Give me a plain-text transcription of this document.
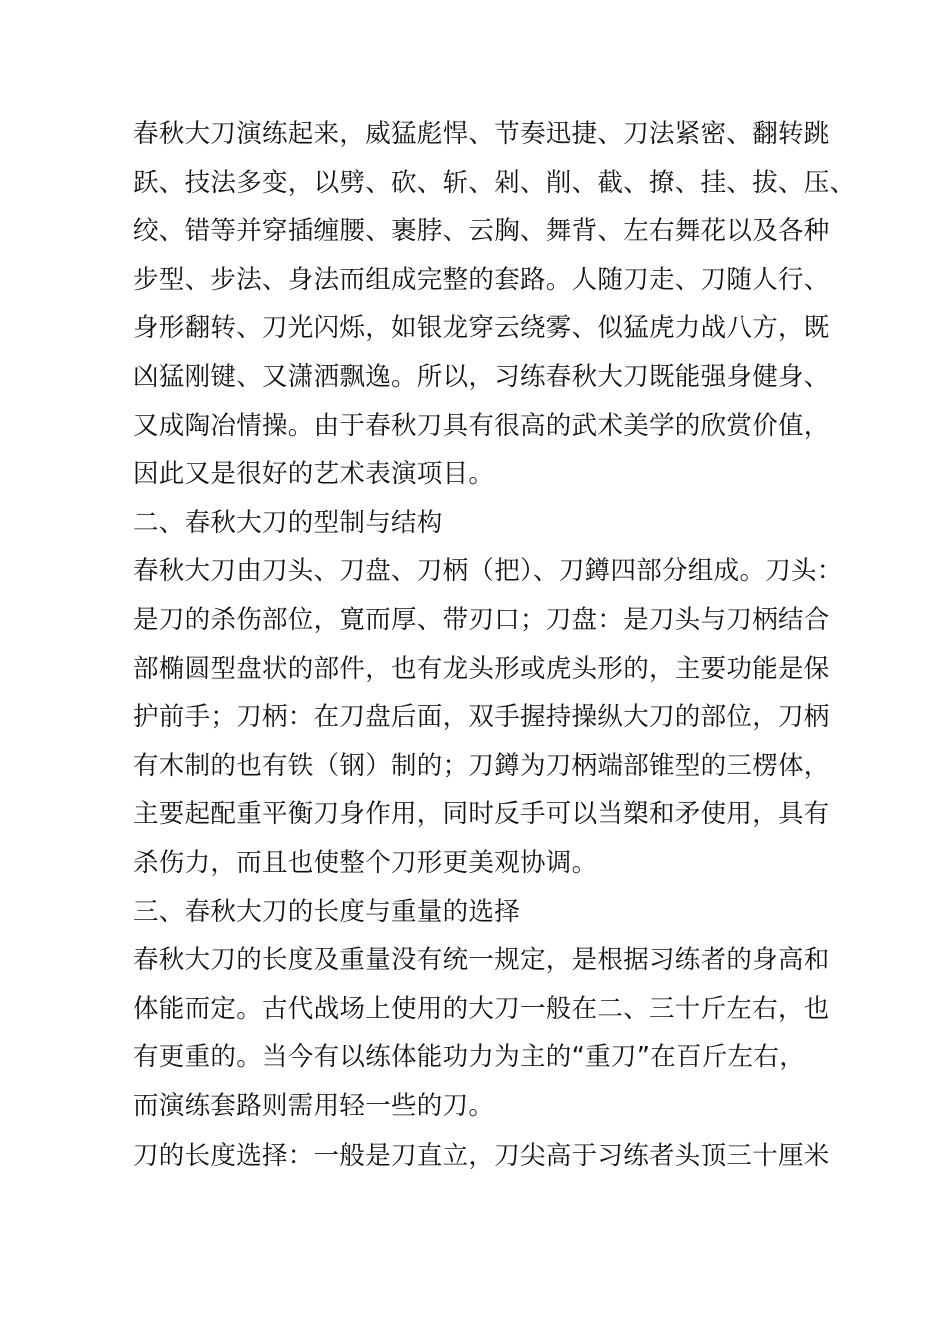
春秋大刀演练起来，威猛彪悍、节奏迅捷、刀法紧密、翻转跳
跃、技法多变，以劈、砍、斩、剁、削、截、撩、挂、拔、压、
绞、错等并穿插缠腰、裹脖、云胸、舞背、左右舞花以及各种
步型、步法、身法而组成完整的套路。人随刀走、刀随人行、
身形翻转、刀光闪烁，如银龙穿云绕雾、似猛虎力战八方，既
凶猛刚键、又潇洒飘逸。所以，习练春秋大刀既能强身健身、
又成陶冶情操。由于春秋刀具有很高的武术美学的欣赏价值，
因此又是很好的艺术表演项目。
二、春秋大刀的型制与结构
春秋大刀由刀头、刀盘、刀柄（把）、刀鐏四部分组成。刀头：
是刀的杀伤部位，寛而厚、带刃口；刀盘：是刀头与刀柄结合
部椭圆型盘状的部件，也有龙头形或虎头形的，主要功能是保
护前手；刀柄：在刀盘后面，双手握持操纵大刀的部位，刀柄
有木制的也有铁（钢）制的；刀鐏为刀柄端部锥型的三楞体，
主要起配重平衡刀身作用，同时反手可以当槊和矛使用，具有
杀伤力，而且也使整个刀形更美观协调。
三、春秋大刀的长度与重量的选择
春秋大刀的长度及重量没有统一规定，是根据习练者的身高和
体能而定。古代战场上使用的大刀一般在二、三十斤左右，也
有更重的。当今有以练体能功力为主的“重刀”在百斤左右，
而演练套路则需用轻一些的刀。
刀的长度选择：一般是刀直立，刀尖高于习练者头顶三十厘米
